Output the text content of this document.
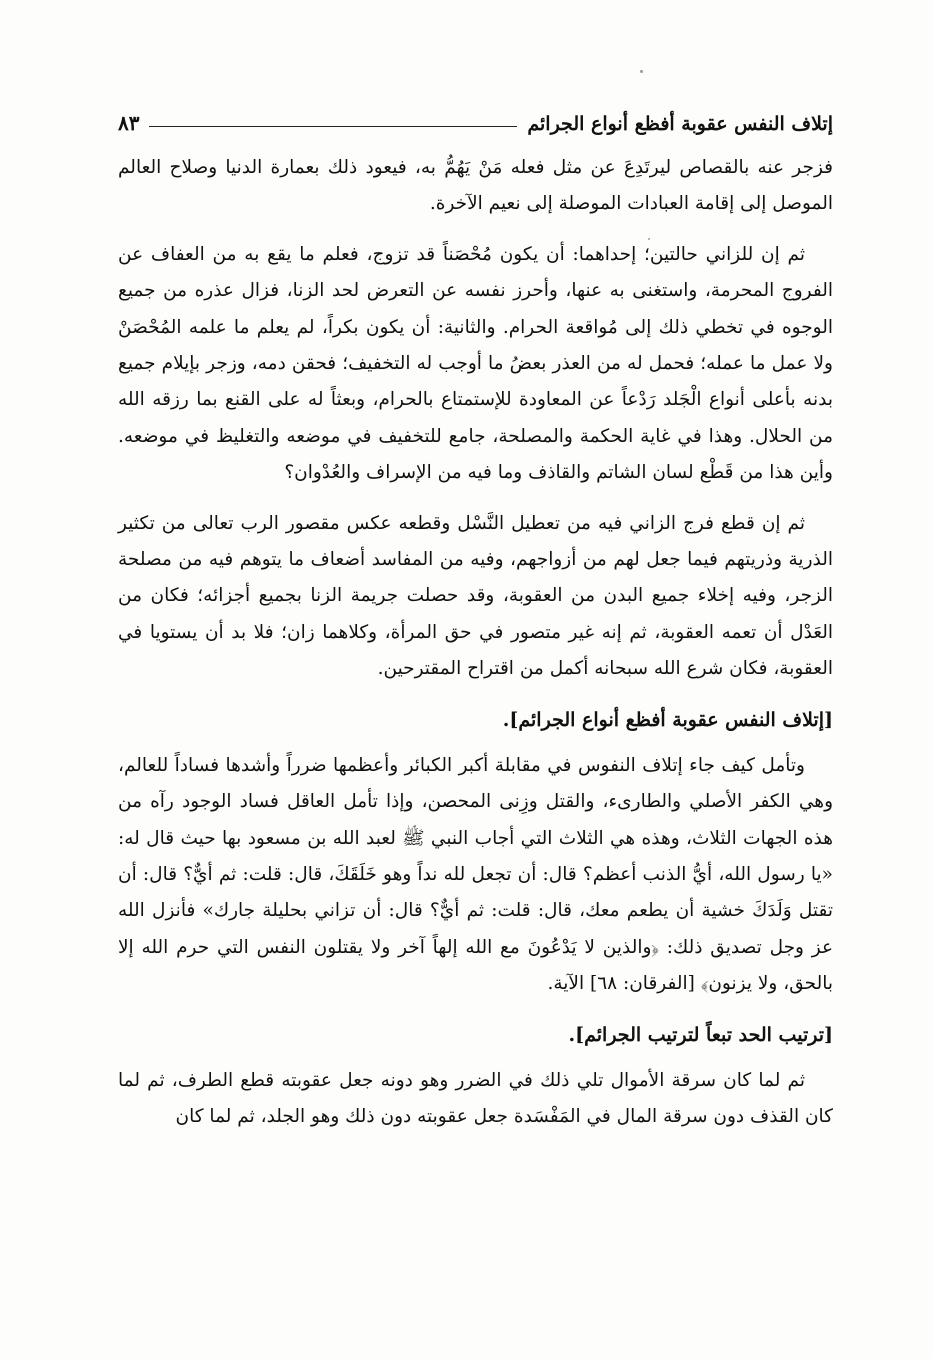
إتلاف النفس عقوبة أفظع أنواع الجرائم
٨٣

فزجر عنه بالقصاص ليرتَدِعَ عن مثل فعله مَنْ يَهُمُّ به، فيعود ذلك بعمارة الدنيا وصلاح العالم الموصل إلى إقامة العبادات الموصلة إلى نعيم الآخرة.

ثم إن للزاني حالتين؛ إحداهما: أن يكون مُحْصَناً قد تزوج، فعلم ما يقع به من العفاف عن الفروج المحرمة، واستغنى به عنها، وأحرز نفسه عن التعرض لحد الزنا، فزال عذره من جميع الوجوه في تخطي ذلك إلى مُواقعة الحرام. والثانية: أن يكون بكراً، لم يعلم ما علمه المُحْصَنْ ولا عمل ما عمله؛ فحمل له من العذر بعضُ ما أوجب له التخفيف؛ فحقن دمه، وزجر بإيلام جميع بدنه بأعلى أنواع الْجَلد رَدْعاً عن المعاودة للإستمتاع بالحرام، وبعثاً له على القنع بما رزقه الله من الحلال. وهذا في غاية الحكمة والمصلحة، جامع للتخفيف في موضعه والتغليظ في موضعه. وأين هذا من قَطْع لسان الشاتم والقاذف وما فيه من الإسراف والعُدْوان؟

ثم إن قطع فرج الزاني فيه من تعطيل النَّسْل وقطعه عكس مقصور الرب تعالى من تكثير الذرية وذريتهم فيما جعل لهم من أزواجهم، وفيه من المفاسد أضعاف ما يتوهم فيه من مصلحة الزجر، وفيه إخلاء جميع البدن من العقوبة، وقد حصلت جريمة الزنا بجميع أجزائه؛ فكان من العَدْل أن تعمه العقوبة، ثم إنه غير متصور في حق المرأة، وكلاهما زان؛ فلا بد أن يستويا في العقوبة، فكان شرع الله سبحانه أكمل من اقتراح المقترحين.

[إتلاف النفس عقوبة أفظع أنواع الجرائم].

وتأمل كيف جاء إتلاف النفوس في مقابلة أكبر الكبائر وأعظمها ضرراً وأشدها فساداً للعالم، وهي الكفر الأصلي والطارىء، والقتل وزِنى المحصن، وإذا تأمل العاقل فساد الوجود رآه من هذه الجهات الثلاث، وهذه هي الثلاث التي أجاب النبي ﷺ لعبد الله بن مسعود بها حيث قال له: «يا رسول الله، أيُّ الذنب أعظم؟ قال: أن تجعل لله نداً وهو خَلَقَكَ، قال: قلت: ثم أيٌّ؟ قال: أن تقتل وَلَدَكَ خشية أن يطعم معك، قال: قلت: ثم أيٌّ؟ قال: أن تزاني بحليلة جارك» فأنزل الله عز وجل تصديق ذلك: ﴿والذين لا يَدْعُونَ مع الله إلهاً آخر ولا يقتلون النفس التي حرم الله إلا بالحق، ولا يزنون﴾ [الفرقان: ٦٨] الآية.

[ترتيب الحد تبعاً لترتيب الجرائم].

ثم لما كان سرقة الأموال تلي ذلك في الضرر وهو دونه جعل عقوبته قطع الطرف، ثم لما كان القذف دون سرقة المال في المَفْسَدة جعل عقوبته دون ذلك وهو الجلد، ثم لما كان
